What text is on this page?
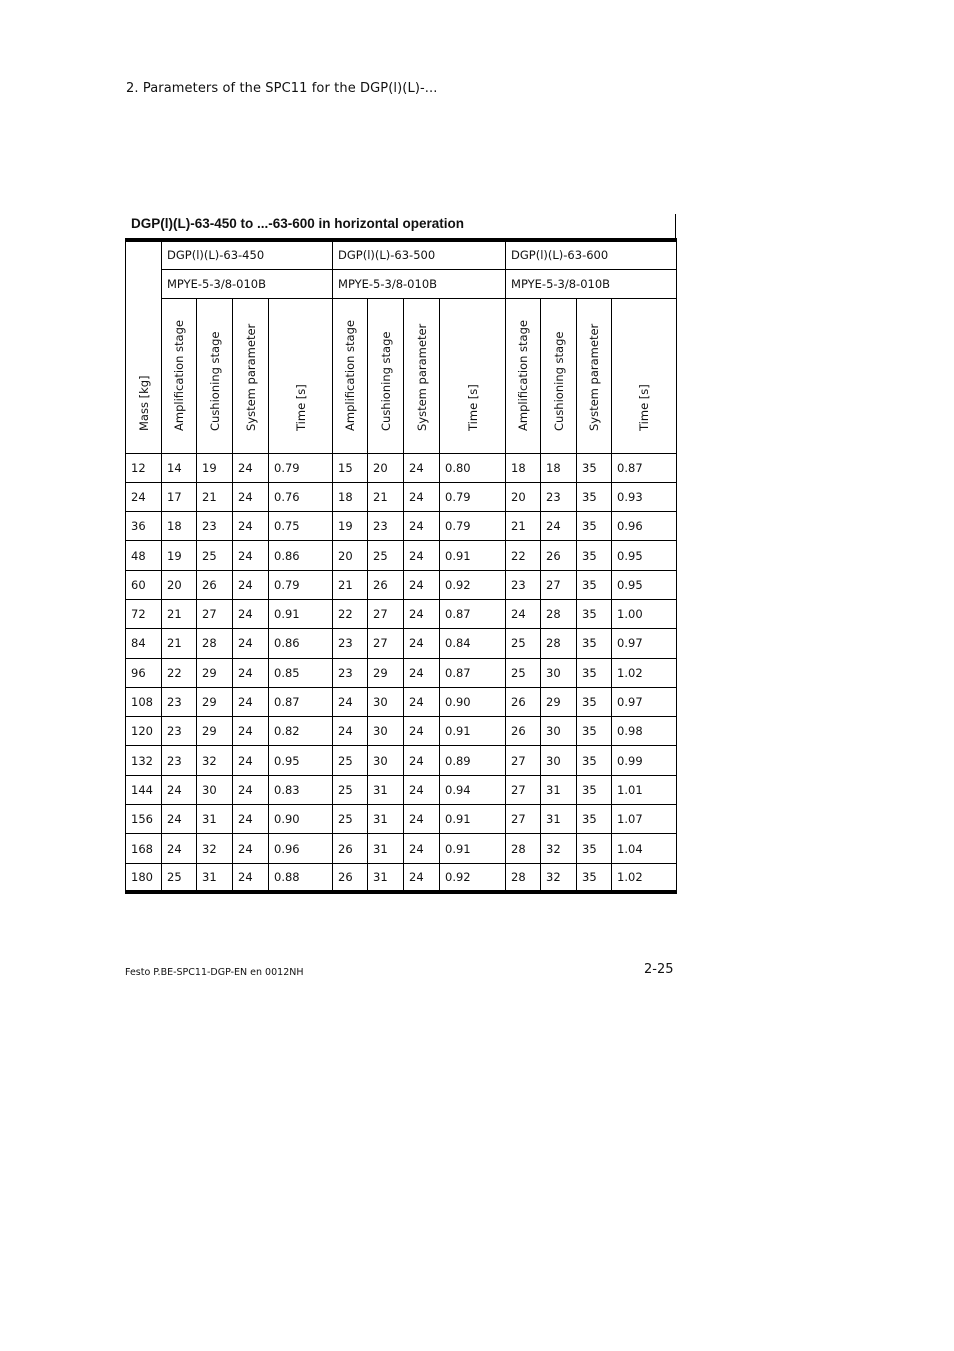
2. Parameters of the SPC11 for the DGP(l)(L)-...
DGP(l)(L)-63-450 to ...-63-600 in horizontal operation
Mass [kg]	DGP(l)(L)-63-450				DGP(l)(L)-63-500				DGP(l)(L)-63-600			
	MPYE-5-3/8-010B				MPYE-5-3/8-010B				MPYE-5-3/8-010B			

	Amplification stage	Cushioning stage	System parameter	Time [s]	Amplification stage	Cushioning stage	System parameter	Time [s]	Amplification stage	Cushioning stage	System parameter	Time [s]

12	14	19	24	0.79	15	20	24	0.80	18	18	35	0.87
24	17	21	24	0.76	18	21	24	0.79	20	23	35	0.93
36	18	23	24	0.75	19	23	24	0.79	21	24	35	0.96
48	19	25	24	0.86	20	25	24	0.91	22	26	35	0.95
60	20	26	24	0.79	21	26	24	0.92	23	27	35	0.95
72	21	27	24	0.91	22	27	24	0.87	24	28	35	1.00
84	21	28	24	0.86	23	27	24	0.84	25	28	35	0.97
96	22	29	24	0.85	23	29	24	0.87	25	30	35	1.02
108	23	29	24	0.87	24	30	24	0.90	26	29	35	0.97
120	23	29	24	0.82	24	30	24	0.91	26	30	35	0.98
132	23	32	24	0.95	25	30	24	0.89	27	30	35	0.99
144	24	30	24	0.83	25	31	24	0.94	27	31	35	1.01
156	24	31	24	0.90	25	31	24	0.91	27	31	35	1.07
168	24	32	24	0.96	26	31	24	0.91	28	32	35	1.04
180	25	31	24	0.88	26	31	24	0.92	28	32	35	1.02
Festo P.BE-SPC11-DGP-EN en 0012NH	2-25
